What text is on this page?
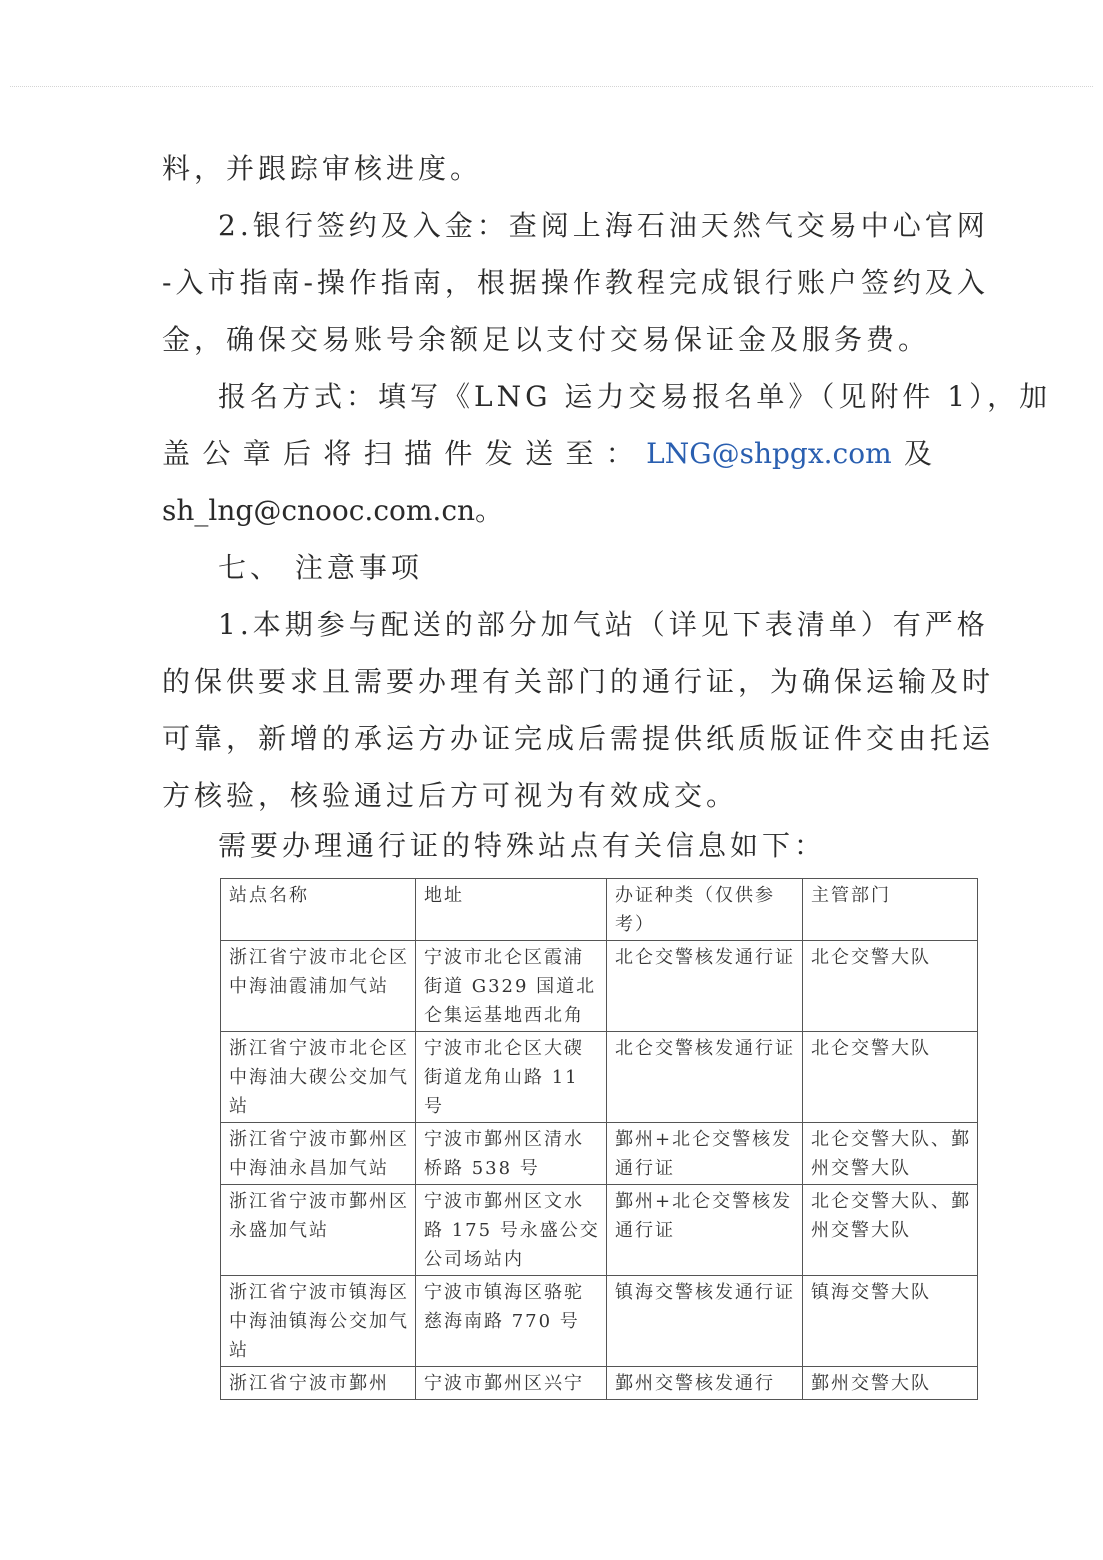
料，并跟踪审核进度。
2.银行签约及入金：查阅上海石油天然气交易中心官网
-入市指南-操作指南，根据操作教程完成银行账户签约及入
金，确保交易账号余额足以支付交易保证金及服务费。
报名方式：填写《LNG 运力交易报名单》（见附件 1），加
盖 公 章 后 将 扫 描 件 发 送 至 ： LNG@shpgx.com 及
sh_lng@cnooc.com.cn。
七、 注意事项
1.本期参与配送的部分加气站（详见下表清单）有严格
的保供要求且需要办理有关部门的通行证，为确保运输及时
可靠，新增的承运方办证完成后需提供纸质版证件交由托运
方核验，核验通过后方可视为有效成交。
需要办理通行证的特殊站点有关信息如下：
站点名称	地址	办证种类（仅供参考）	主管部门
浙江省宁波市北仑区中海油霞浦加气站	宁波市北仑区霞浦街道 G329 国道北仑集运基地西北角	北仑交警核发通行证	北仑交警大队
浙江省宁波市北仑区中海油大碶公交加气站	宁波市北仑区大碶街道龙角山路 11 号	北仑交警核发通行证	北仑交警大队
浙江省宁波市鄞州区中海油永昌加气站	宁波市鄞州区清水桥路 538 号	鄞州+北仑交警核发通行证	北仑交警大队、鄞州交警大队
浙江省宁波市鄞州区永盛加气站	宁波市鄞州区文水路 175 号永盛公交公司场站内	鄞州+北仑交警核发通行证	北仑交警大队、鄞州交警大队
浙江省宁波市镇海区中海油镇海公交加气站	宁波市镇海区骆驼慈海南路 770 号	镇海交警核发通行证	镇海交警大队
浙江省宁波市鄞州	宁波市鄞州区兴宁	鄞州交警核发通行	鄞州交警大队
